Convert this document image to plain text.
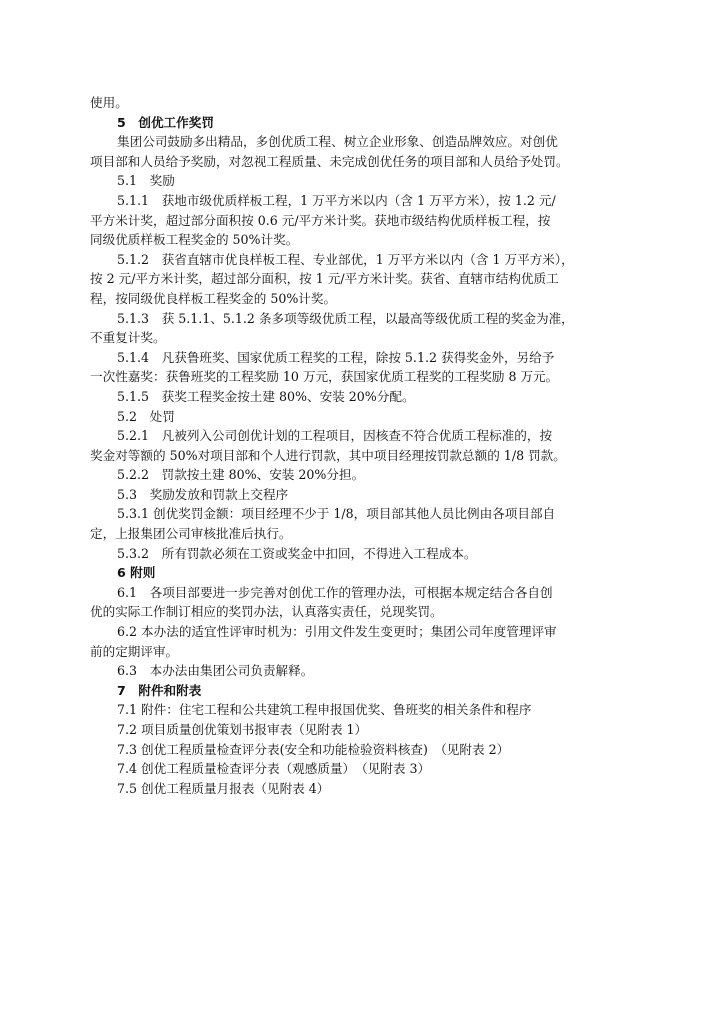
使用。
5　创优工作奖罚
集团公司鼓励多出精品，多创优质工程、树立企业形象、创造品牌效应。对创优
项目部和人员给予奖励，对忽视工程质量、未完成创优任务的项目部和人员给予处罚。
5.1　奖励
5.1.1　获地市级优质样板工程，1 万平方米以内（含 1 万平方米），按 1.2 元/
平方米计奖，超过部分面积按 0.6 元/平方米计奖。获地市级结构优质样板工程，按
同级优质样板工程奖金的 50%计奖。
5.1.2　获省直辖市优良样板工程、专业部优，1 万平方米以内（含 1 万平方米），
按 2 元/平方米计奖，超过部分面积，按 1 元/平方米计奖。获省、直辖市结构优质工
程，按同级优良样板工程奖金的 50%计奖。
5.1.3　获 5.1.1、5.1.2 条多项等级优质工程，以最高等级优质工程的奖金为准，
不重复计奖。
5.1.4　凡获鲁班奖、国家优质工程奖的工程，除按 5.1.2 获得奖金外，另给予
一次性嘉奖：获鲁班奖的工程奖励 10 万元，获国家优质工程奖的工程奖励 8 万元。
5.1.5　获奖工程奖金按土建 80%、安装 20%分配。
5.2　处罚
5.2.1　凡被列入公司创优计划的工程项目，因核查不符合优质工程标准的，按
奖金对等额的 50%对项目部和个人进行罚款，其中项目经理按罚款总额的 1/8 罚款。
5.2.2　罚款按土建 80%、安装 20%分担。
5.3　奖励发放和罚款上交程序
5.3.1 创优奖罚金额：项目经理不少于 1/8，项目部其他人员比例由各项目部自
定，上报集团公司审核批准后执行。
5.3.2　所有罚款必须在工资或奖金中扣回，不得进入工程成本。
6 附则
6.1　各项目部要进一步完善对创优工作的管理办法，可根据本规定结合各自创
优的实际工作制订相应的奖罚办法，认真落实责任，兑现奖罚。
6.2 本办法的适宜性评审时机为：引用文件发生变更时；集团公司年度管理评审
前的定期评审。
6.3　本办法由集团公司负责解释。
7　附件和附表
7.1 附件：住宅工程和公共建筑工程申报国优奖、鲁班奖的相关条件和程序
7.2 项目质量创优策划书报审表（见附表 1）
7.3 创优工程质量检查评分表(安全和功能检验资料核查)　（见附表 2）
7.4 创优工程质量检查评分表（观感质量）　（见附表 3）
7.5 创优工程质量月报表（见附表 4）
